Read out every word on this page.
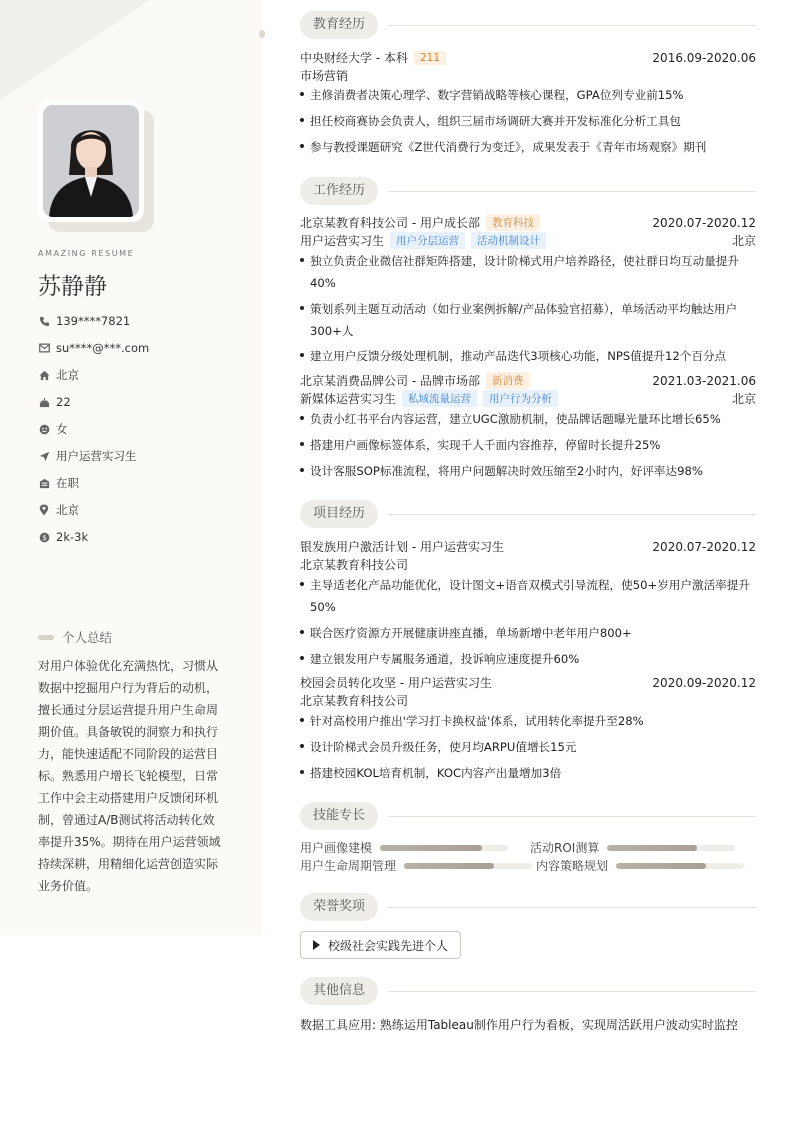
AMAZING RESUME
苏静静
139****7821
su****@***.com
北京
22
女
用户运营实习生
在职
北京
$ 2k-3k
个人总结
对用户体验优化充满热忱，习惯从数据中挖掘用户行为背后的动机，擅长通过分层运营提升用户生命周期价值。具备敏锐的洞察力和执行力，能快速适配不同阶段的运营目标。熟悉用户增长飞轮模型，日常工作中会主动搭建用户反馈闭环机制，曾通过A/B测试将活动转化效率提升35%。期待在用户运营领域持续深耕，用精细化运营创造实际业务价值。
教育经历
中央财经大学 - 本科	211	2016.09-2020.06
市场营销
主修消费者决策心理学、数字营销战略等核心课程，GPA位列专业前15%
担任校商赛协会负责人，组织三届市场调研大赛并开发标准化分析工具包
参与教授课题研究《Z世代消费行为变迁》，成果发表于《青年市场观察》期刊
工作经历
北京某教育科技公司 - 用户成长部	教育科技	2020.07-2020.12
用户运营实习生	用户分层运营	活动机制设计	北京
独立负责企业微信社群矩阵搭建，设计阶梯式用户培养路径，使社群日均互动量提升40%
策划系列主题互动活动（如行业案例拆解/产品体验官招募），单场活动平均触达用户300+人
建立用户反馈分级处理机制，推动产品迭代3项核心功能，NPS值提升12个百分点
北京某消费品牌公司 - 品牌市场部	新消费	2021.03-2021.06
新媒体运营实习生	私域流量运营	用户行为分析	北京
负责小红书平台内容运营，建立UGC激励机制，使品牌话题曝光量环比增长65%
搭建用户画像标签体系，实现千人千面内容推荐，停留时长提升25%
设计客服SOP标准流程，将用户问题解决时效压缩至2小时内，好评率达98%
项目经历
银发族用户激活计划 - 用户运营实习生	2020.07-2020.12
北京某教育科技公司
主导适老化产品功能优化，设计图文+语音双模式引导流程，使50+岁用户激活率提升50%
联合医疗资源方开展健康讲座直播，单场新增中老年用户800+
建立银发用户专属服务通道，投诉响应速度提升60%
校园会员转化攻坚 - 用户运营实习生	2020.09-2020.12
北京某教育科技公司
针对高校用户推出'学习打卡换权益'体系，试用转化率提升至28%
设计阶梯式会员升级任务，使月均ARPU值增长15元
搭建校园KOL培育机制，KOC内容产出量增加3倍
技能专长
用户画像建模	活动ROI测算
用户生命周期管理	内容策略规划
荣誉奖项
校级社会实践先进个人
其他信息
数据工具应用: 熟练运用Tableau制作用户行为看板，实现周活跃用户波动实时监控
